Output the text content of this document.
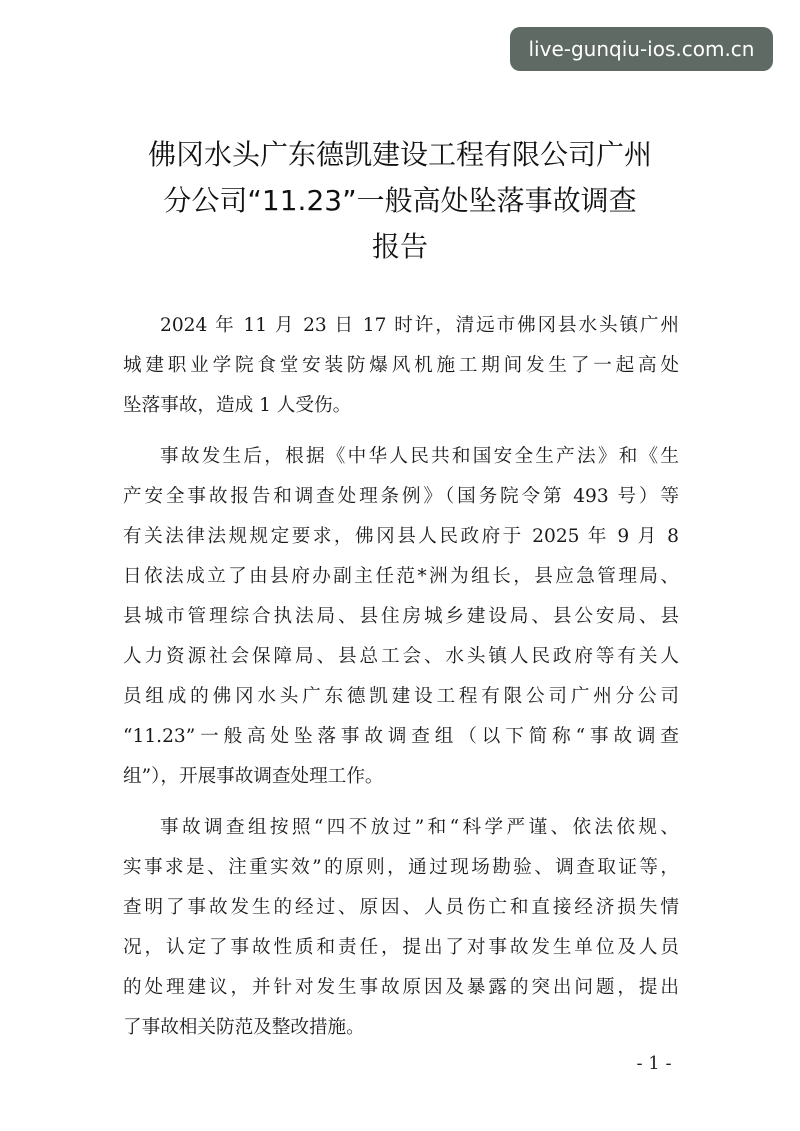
live-gunqiu-ios.com.cn
佛冈水头广东德凯建设工程有限公司广州
分公司“11.23”一般高处坠落事故调查
报告

2024 年 11 月 23 日 17 时许，清远市佛冈县水头镇广州
城建职业学院食堂安装防爆风机施工期间发生了一起高处
坠落事故，造成 1 人受伤。

事故发生后，根据《中华人民共和国安全生产法》和《生
产安全事故报告和调查处理条例》（国务院令第 493 号）等
有关法律法规规定要求，佛冈县人民政府于 2025 年 9 月 8
日依法成立了由县府办副主任范*洲为组长，县应急管理局、
县城市管理综合执法局、县住房城乡建设局、县公安局、县
人力资源社会保障局、县总工会、水头镇人民政府等有关人
员组成的佛冈水头广东德凯建设工程有限公司广州分公司
“11.23”一般高处坠落事故调查组（以下简称“事故调查
组”），开展事故调查处理工作。

事故调查组按照“四不放过”和“科学严谨、依法依规、
实事求是、注重实效”的原则，通过现场勘验、调查取证等，
查明了事故发生的经过、原因、人员伤亡和直接经济损失情
况，认定了事故性质和责任，提出了对事故发生单位及人员
的处理建议，并针对发生事故原因及暴露的突出问题，提出
了事故相关防范及整改措施。

- 1 -
